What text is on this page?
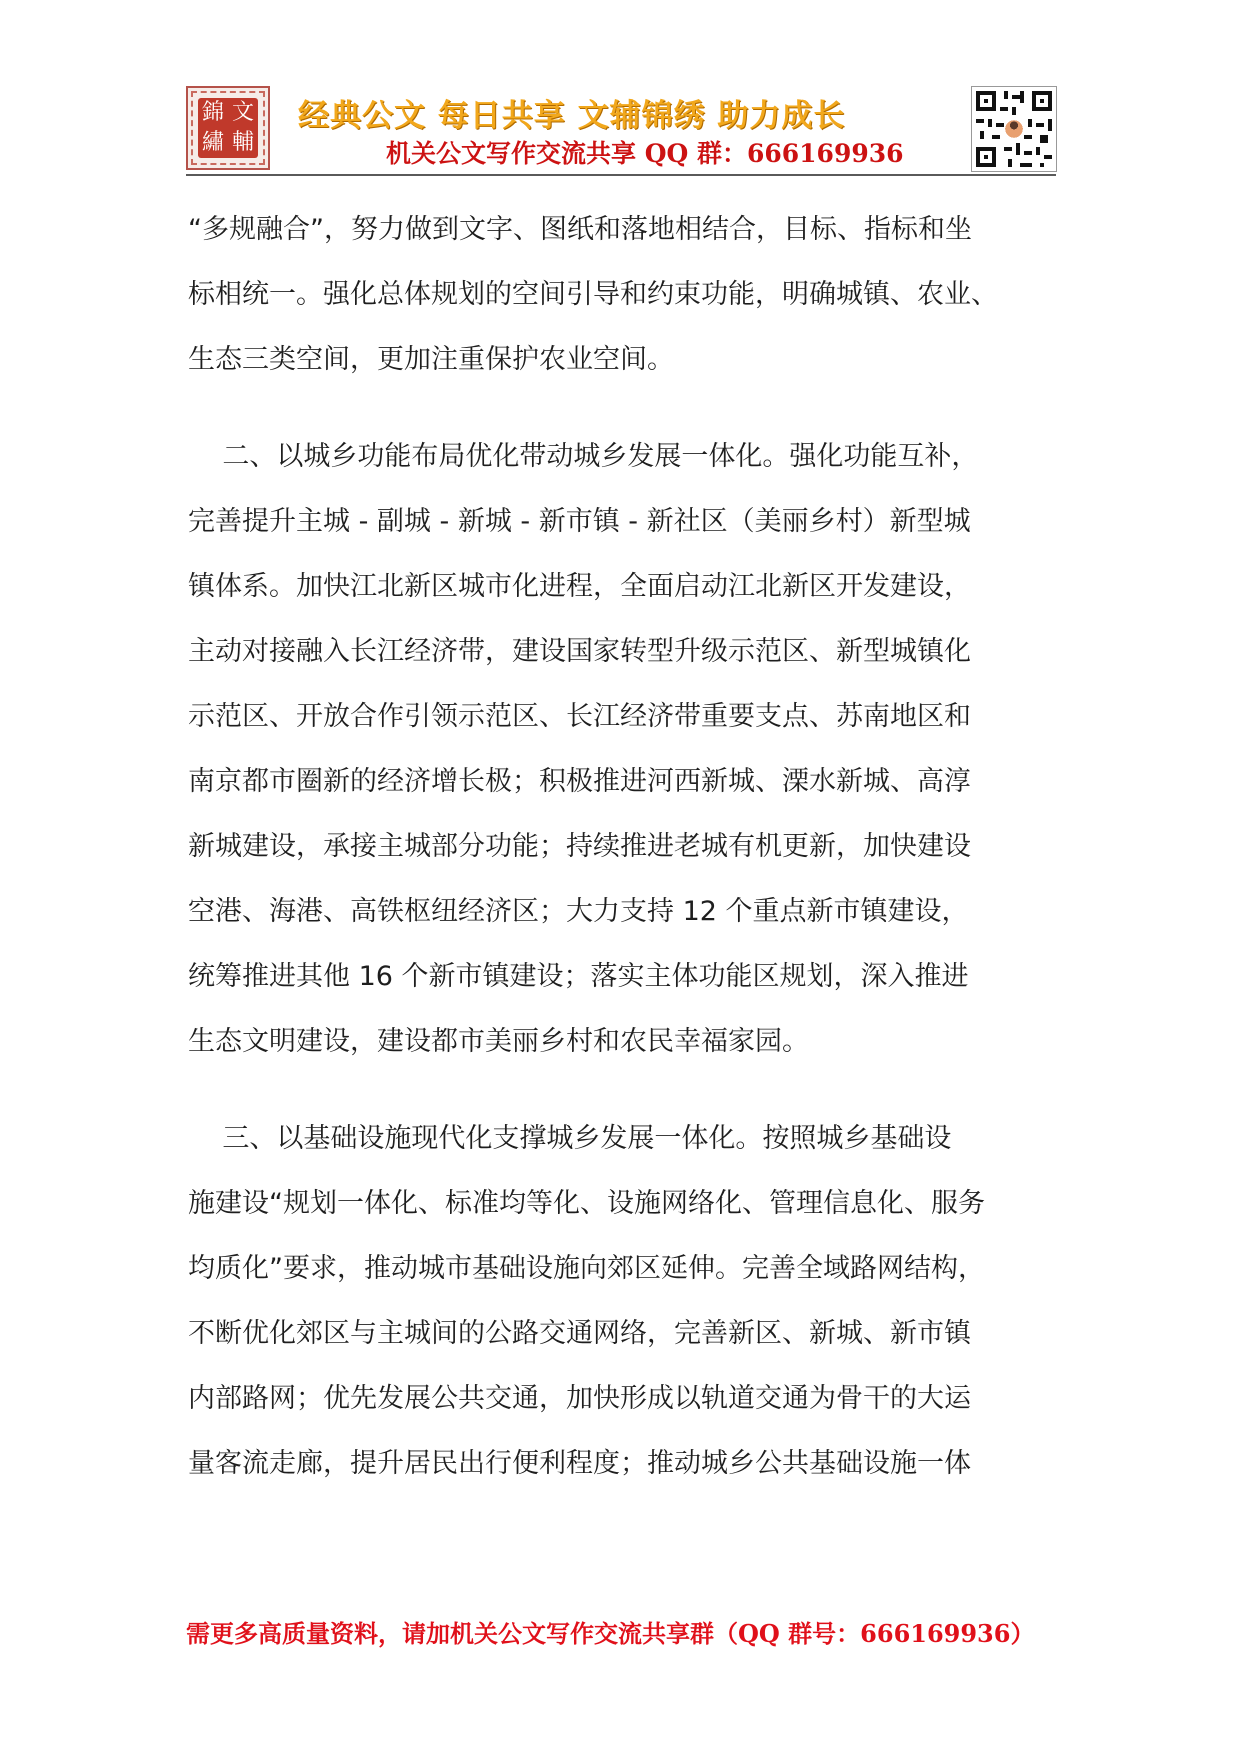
錦 文
繡 輔
经典公文 每日共享 文辅锦绣 助力成长
机关公文写作交流共享 QQ 群：666169936

“多规融合”，努力做到文字、图纸和落地相结合，目标、指标和坐

标相统一。强化总体规划的空间引导和约束功能，明确城镇、农业、

生态三类空间，更加注重保护农业空间。

二、以城乡功能布局优化带动城乡发展一体化。强化功能互补，

完善提升主城 - 副城 - 新城 - 新市镇 - 新社区（美丽乡村）新型城

镇体系。加快江北新区城市化进程，全面启动江北新区开发建设，

主动对接融入长江经济带，建设国家转型升级示范区、新型城镇化

示范区、开放合作引领示范区、长江经济带重要支点、苏南地区和

南京都市圈新的经济增长极；积极推进河西新城、溧水新城、高淳

新城建设，承接主城部分功能；持续推进老城有机更新，加快建设

空港、海港、高铁枢纽经济区；大力支持 12 个重点新市镇建设，

统筹推进其他 16 个新市镇建设；落实主体功能区规划，深入推进

生态文明建设，建设都市美丽乡村和农民幸福家园。

三、以基础设施现代化支撑城乡发展一体化。按照城乡基础设

施建设“规划一体化、标准均等化、设施网络化、管理信息化、服务

均质化”要求，推动城市基础设施向郊区延伸。完善全域路网结构，

不断优化郊区与主城间的公路交通网络，完善新区、新城、新市镇

内部路网；优先发展公共交通，加快形成以轨道交通为骨干的大运

量客流走廊，提升居民出行便利程度；推动城乡公共基础设施一体

需更多高质量资料，请加机关公文写作交流共享群（QQ 群号：666169936）
